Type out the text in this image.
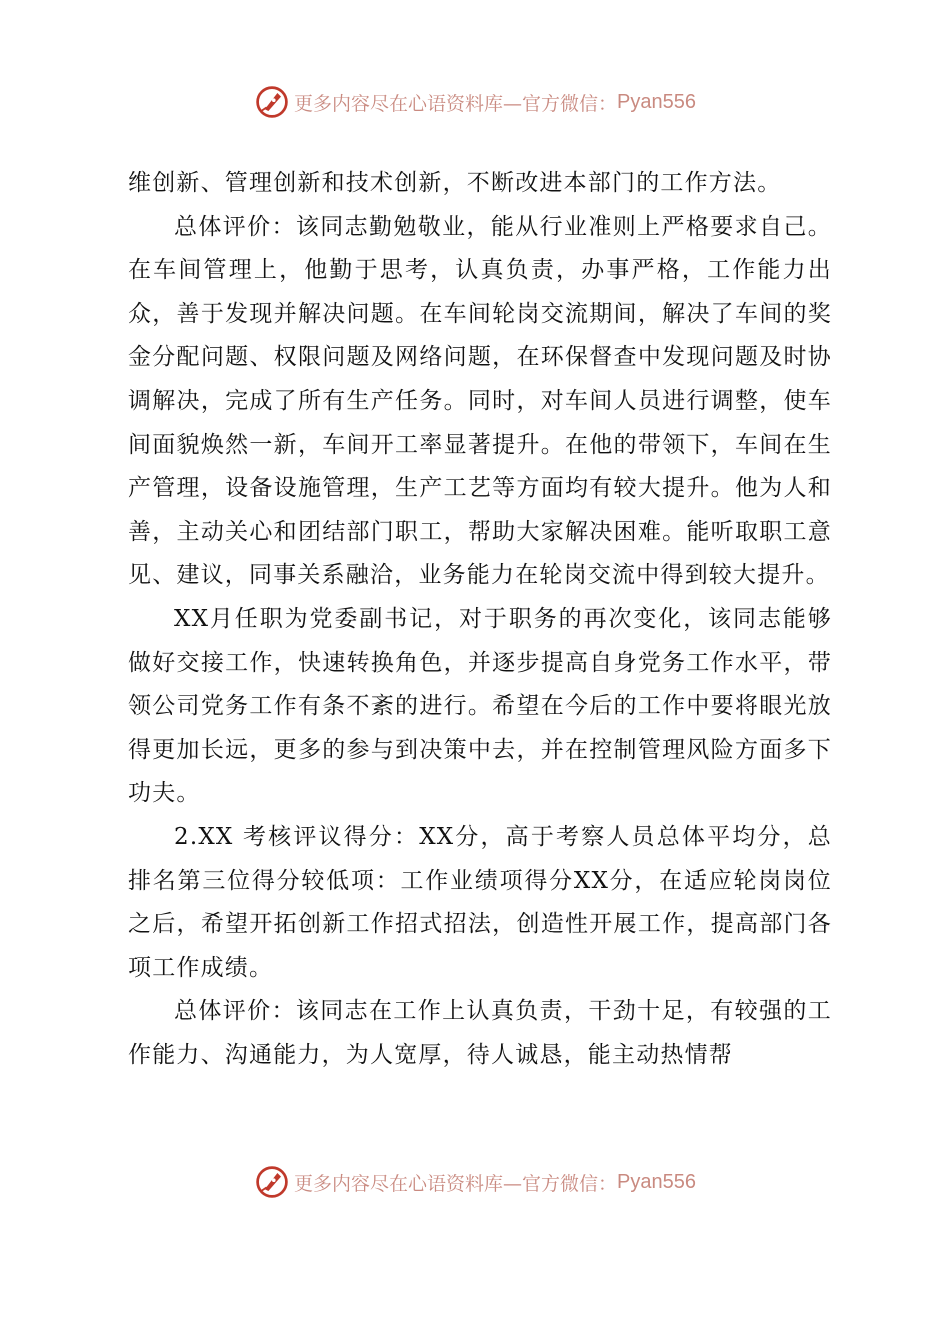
更多内容尽在心语资料库—官方微信： Pyan556

维创新、管理创新和技术创新，不断改进本部门的工作方法。

总体评价：该同志勤勉敬业，能从行业准则上严格要求自己。在车间管理上，他勤于思考，认真负责，办事严格，工作能力出众，善于发现并解决问题。在车间轮岗交流期间，解决了车间的奖金分配问题、权限问题及网络问题，在环保督查中发现问题及时协调解决，完成了所有生产任务。同时，对车间人员进行调整，使车间面貌焕然一新，车间开工率显著提升。在他的带领下，车间在生产管理，设备设施管理，生产工艺等方面均有较大提升。他为人和善，主动关心和团结部门职工，帮助大家解决困难。能听取职工意见、建议，同事关系融洽，业务能力在轮岗交流中得到较大提升。

XX月任职为党委副书记，对于职务的再次变化，该同志能够做好交接工作，快速转换角色，并逐步提高自身党务工作水平，带领公司党务工作有条不紊的进行。希望在今后的工作中要将眼光放得更加长远，更多的参与到决策中去，并在控制管理风险方面多下功夫。

2.XX 考核评议得分：XX分，高于考察人员总体平均分，总排名第三位得分较低项：工作业绩项得分XX分，在适应轮岗岗位之后，希望开拓创新工作招式招法，创造性开展工作，提高部门各项工作成绩。

总体评价：该同志在工作上认真负责，干劲十足，有较强的工作能力、沟通能力，为人宽厚，待人诚恳，能主动热情帮

更多内容尽在心语资料库—官方微信： Pyan556
